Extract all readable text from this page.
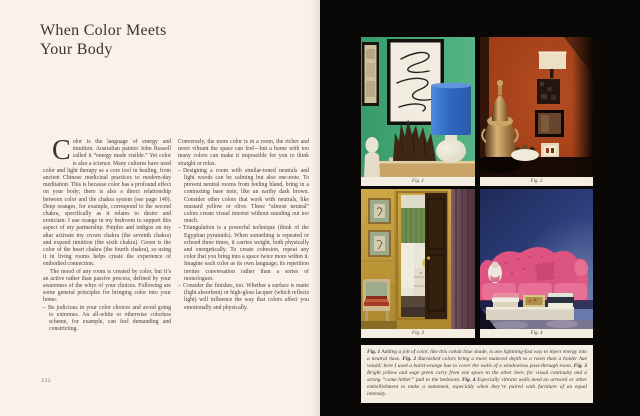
When Color Meets
Your Body

Color is the language of energy and intuition. Australian painter John Russell called it “energy made visible.” Yet color is also a science. Many cultures have used color and light therapy as a core tool in healing, from ancient Chinese medicinal practices to modern-day meditation. This is because color has a profound effect on your body; there is also a direct relationship between color and the chakra system (see page 140). Deep oranges, for example, correspond to the second chakra, specifically as it relates to desire and eroticism: I use orange in my bedroom to support this aspect of my partnership. Purples and indigos on my altar activate my crown chakra (the seventh chakra) and expand intuition (the sixth chakra). Green is the color of the heart chakra (the fourth chakra), so using it in living rooms helps create the experience of embodied connection.

The mood of any room is created by color, but it’s an active rather than passive process, defined by your awareness of the whys of your choices. Following are some general principles for bringing color into your home.

– Be judicious in your color choices and avoid going to extremes. An all-white or otherwise colorless scheme, for example, can feel demanding and constricting.

Conversely, the more color is in a room, the richer and more vibrant the space can feel—but a home with too many colors can make it impossible for you to think straight or relax.

– Designing a room with similar-toned neutrals and light woods can be calming but also one-note. To prevent neutral rooms from feeling bland, bring in a contrasting base note, like an earthy dark brown. Consider other colors that work with neutrals, like mustard yellow or olive. These “almost neutral” colors create visual interest without standing out too much.

– Triangulation is a powerful technique (think of the Egyptian pyramids). When something is repeated or echoed three times, it carries weight, both physically and energetically. To create cohesion, repeat any color that you bring into a space twice more within it. Imagine each color as its own language; its repetition invites conversation rather than a series of monologues.

– Consider the finishes, too. Whether a surface is matte (light absorbent) or high-gloss lacquer (which reflects light) will influence the way that colors affect you emotionally and physically.

232
Fig. 1	Fig. 2
Fig. 3	Fig. 4

Fig. 1 Adding a jolt of color, like this cobalt blue shade, is one lightning-fast way to inject energy into a neutral base. Fig. 2 Burnished colors bring a more nuanced depth to a room than a bolder hue would; here I used a burnt-orange hue to cover the walls of a windowless pass-through room. Fig. 3 Bright yellow and sage green carry from one space to the other here, for visual continuity and a strong “come hither” pull to the bedroom. Fig. 4 Especially vibrant walls need no artwork or other embellishment to make a statement, especially when they’re paired with furniture of an equal intensity.
